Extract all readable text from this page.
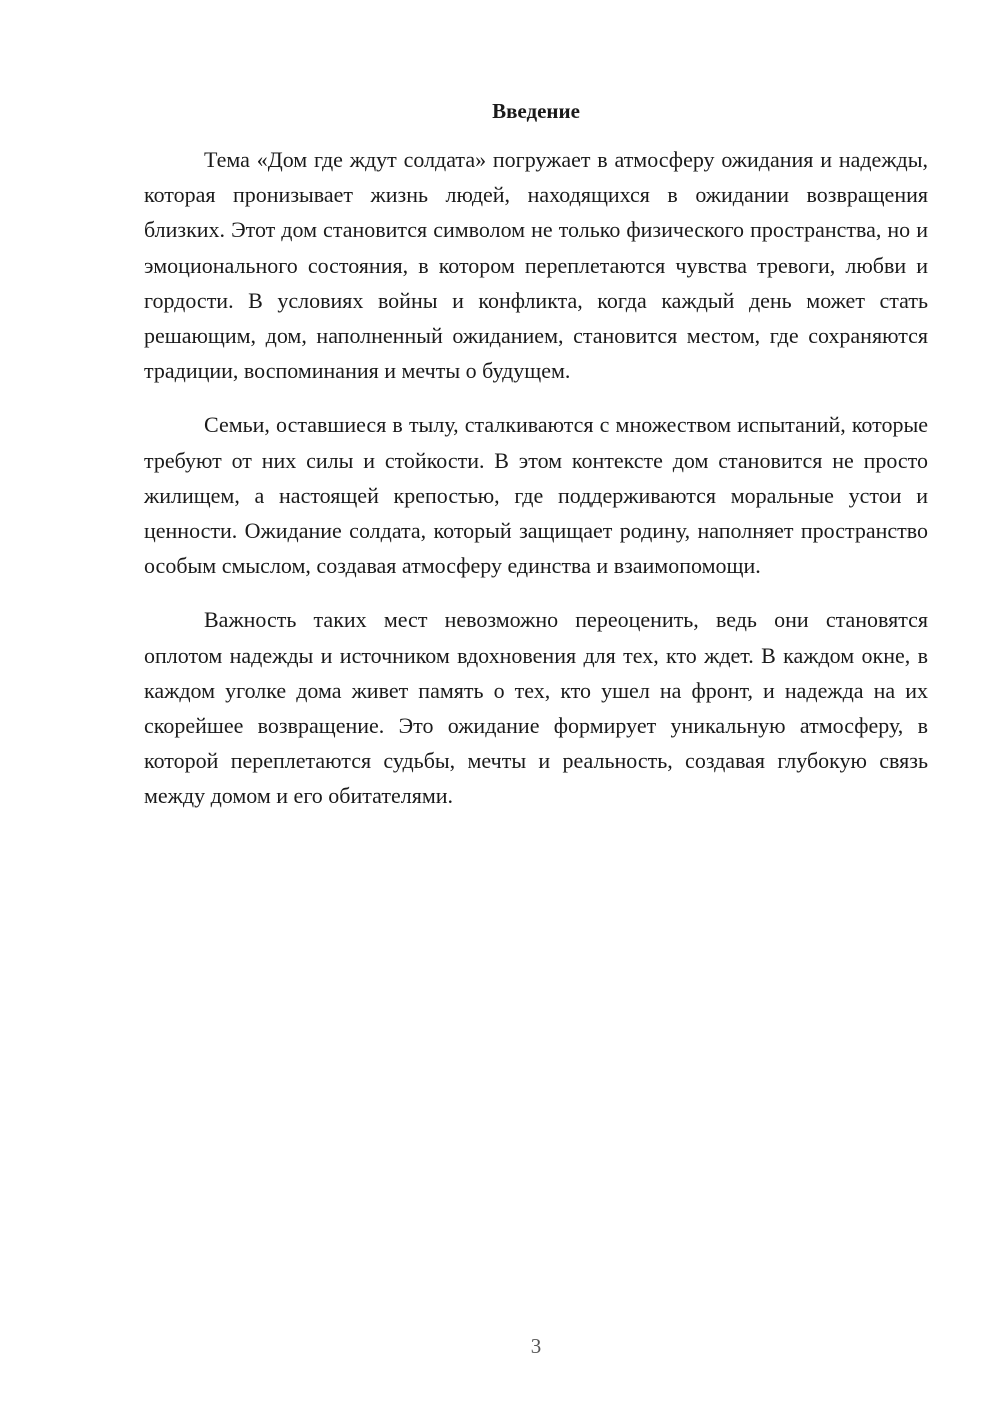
Введение

Тема «Дом где ждут солдата» погружает в атмосферу ожидания и надежды, которая пронизывает жизнь людей, находящихся в ожидании возвращения близких. Этот дом становится символом не только физического пространства, но и эмоционального состояния, в котором переплетаются чувства тревоги, любви и гордости. В условиях войны и конфликта, когда каждый день может стать решающим, дом, наполненный ожиданием, становится местом, где сохраняются традиции, воспоминания и мечты о будущем.

Семьи, оставшиеся в тылу, сталкиваются с множеством испытаний, которые требуют от них силы и стойкости. В этом контексте дом становится не просто жилищем, а настоящей крепостью, где поддерживаются моральные устои и ценности. Ожидание солдата, который защищает родину, наполняет пространство особым смыслом, создавая атмосферу единства и взаимопомощи.

Важность таких мест невозможно переоценить, ведь они становятся оплотом надежды и источником вдохновения для тех, кто ждет. В каждом окне, в каждом уголке дома живет память о тех, кто ушел на фронт, и надежда на их скорейшее возвращение. Это ожидание формирует уникальную атмосферу, в которой переплетаются судьбы, мечты и реальность, создавая глубокую связь между домом и его обитателями.

3
